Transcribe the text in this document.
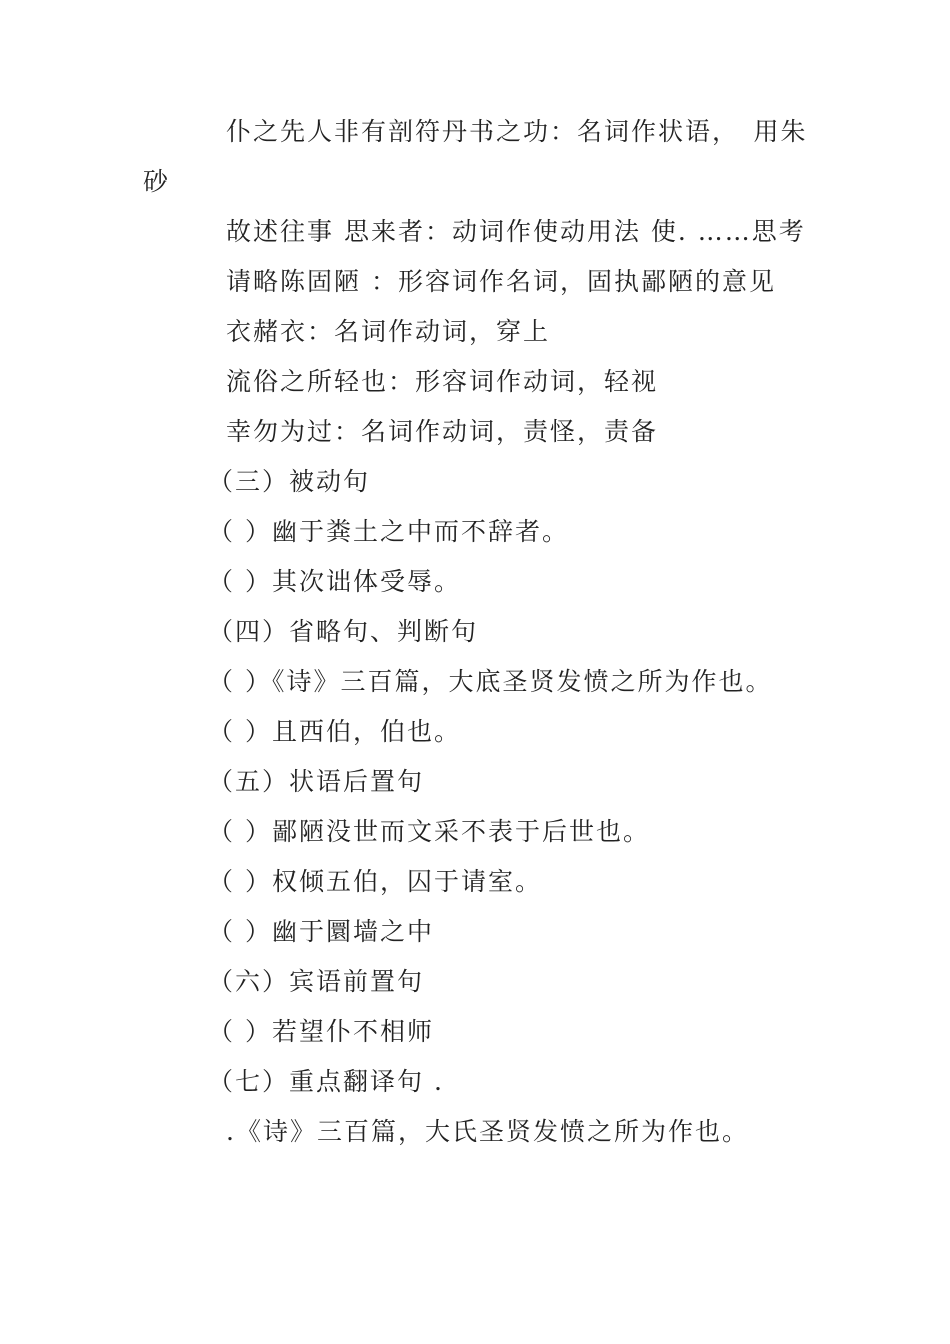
仆之先人非有剖符丹书之功：名词作状语，　用朱
砂
故述往事 思来者：动词作使动用法 使. ……思考
请略陈固陋 ：形容词作名词，固执鄙陋的意见
衣赭衣：名词作动词，穿上
流俗之所轻也：形容词作动词，轻视
幸勿为过：名词作动词，责怪，责备
（三）被动句
（ ）幽于粪土之中而不辞者。
（ ）其次诎体受辱。
（四）省略句、判断句
（ ）《诗》三百篇，大底圣贤发愤之所为作也。
（ ）且西伯，伯也。
（五）状语后置句
（ ）鄙陋没世而文采不表于后世也。
（ ）权倾五伯，囚于请室。
（ ）幽于圜墙之中
（六）宾语前置句
（ ）若望仆不相师
（七）重点翻译句 .
.《诗》三百篇，大氏圣贤发愤之所为作也。
